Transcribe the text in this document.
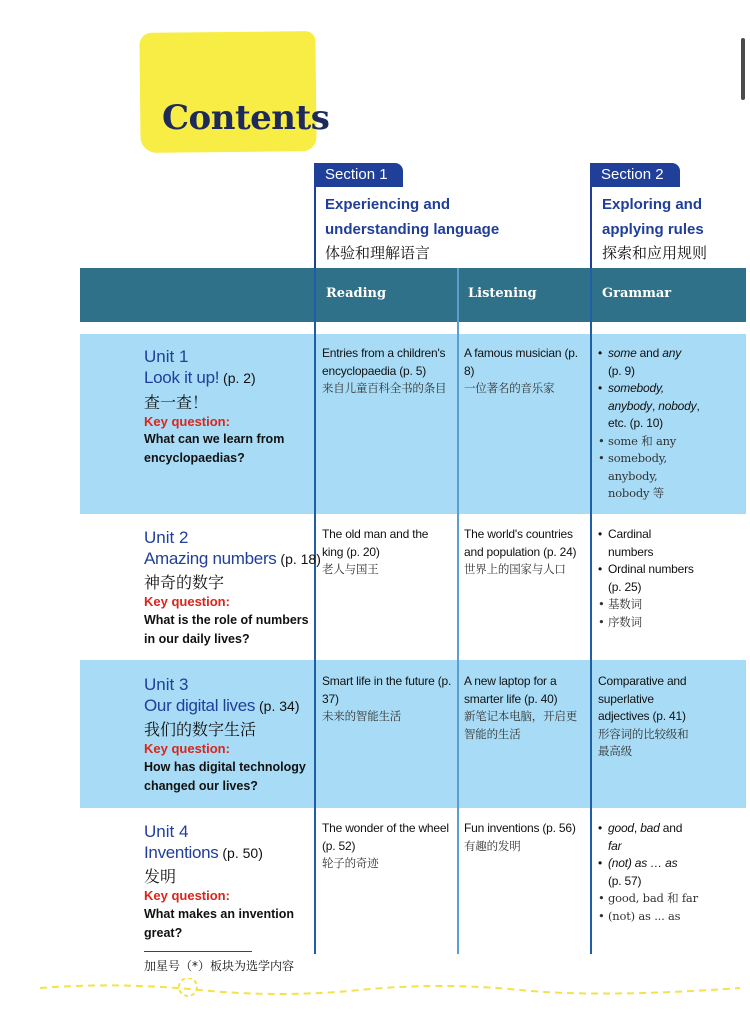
Contents
Section 1
Experiencing and
understanding language
体验和理解语言
Section 2
Exploring and
applying rules
探索和应用规则
Reading	Listening	Grammar
Unit 1
Look it up! (p. 2)
查一查！
Key question:
What can we learn from encyclopaedias?
Entries from a children's encyclopaedia (p. 5)
来自儿童百科全书的条目
A famous musician (p. 8)
一位著名的音乐家
• some and any
(p. 9)
• somebody,
anybody, nobody,
etc. (p. 10)
• some 和 any
• somebody,
anybody,
nobody 等
Unit 2
Amazing numbers (p. 18)
神奇的数字
Key question:
What is the role of numbers in our daily lives?
The old man and the king (p. 20)
老人与国王
The world's countries and population (p. 24)
世界上的国家与人口
• Cardinal
numbers
• Ordinal numbers
(p. 25)
• 基数词
• 序数词
Unit 3
Our digital lives (p. 34)
我们的数字生活
Key question:
How has digital technology changed our lives?
Smart life in the future (p. 37)
未来的智能生活
A new laptop for a smarter life (p. 40)
新笔记本电脑，开启更智能的生活
Comparative and superlative adjectives (p. 41)
形容词的比较级和最高级
Unit 4
Inventions (p. 50)
发明
Key question:
What makes an invention great?
The wonder of the wheel (p. 52)
轮子的奇迹
Fun inventions (p. 56)
有趣的发明
• good, bad and
far
• (not) as … as
(p. 57)
• good, bad 和 far
• (not) as ... as
加星号（*）板块为选学内容
